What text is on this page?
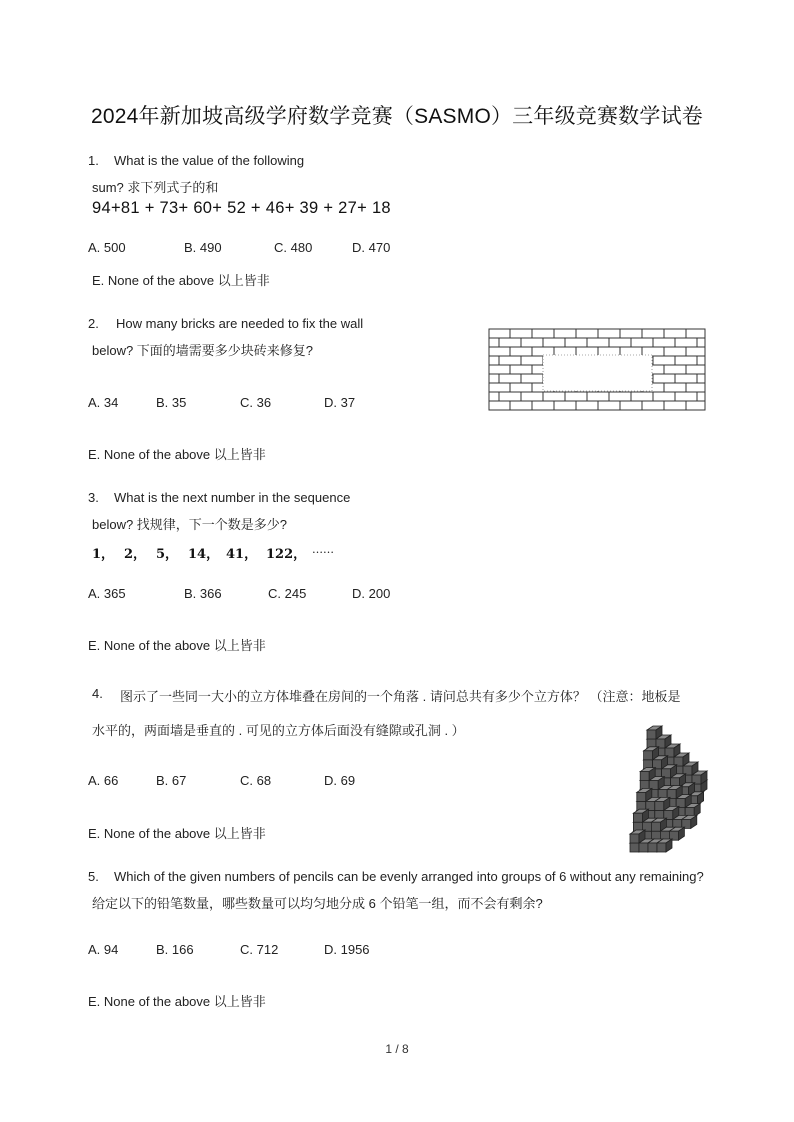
2024年新加坡高级学府数学竞赛（SASMO）三年级竞赛数学试卷
1. What is the value of the following
sum? 求下列式子的和
94+81 + 73+ 60+ 52 + 46+ 39 + 27+ 18
A. 500	B. 490	C. 480	D. 470
E. None of the above 以上皆非
2. How many bricks are needed to fix the wall
below? 下面的墙需要多少块砖来修复?
A. 34	B. 35	C. 36	D. 37
E. None of the above 以上皆非
3. What is the next number in the sequence
below? 找规律，下一个数是多少?
1， 2， 5， 14， 41， 122， ……
A. 365	B. 366	C. 245	D. 200
E. None of the above 以上皆非
4. 图示了一些同一大小的立方体堆叠在房间的一个角落 . 请问总共有多少个立方体？ （注意：地板是
水平的，两面墙是垂直的 . 可见的立方体后面没有缝隙或孔洞 . ）
A. 66	B. 67	C. 68	D. 69
E. None of the above 以上皆非
5. Which of the given numbers of pencils can be evenly arranged into groups of 6 without any remaining?
给定以下的铅笔数量，哪些数量可以均匀地分成 6 个铅笔一组，而不会有剩余?
A. 94	B. 166	C. 712	D. 1956
E. None of the above 以上皆非
1 / 8
